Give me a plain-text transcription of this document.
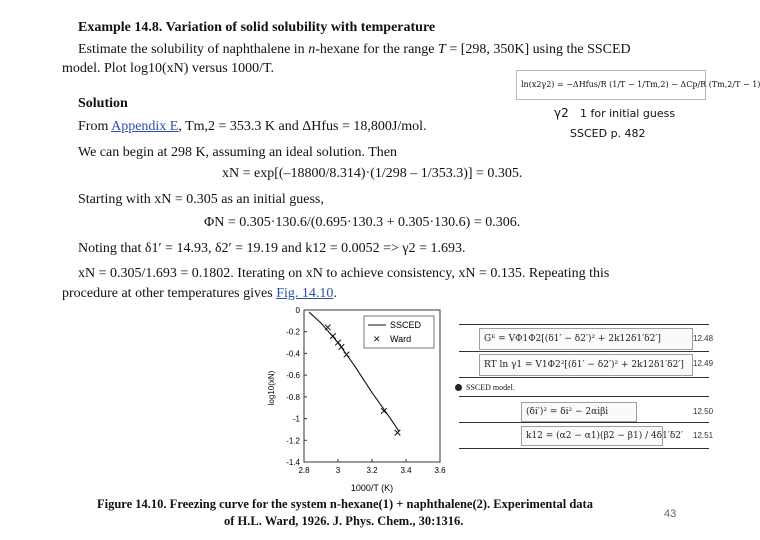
Example 14.8. Variation of solid solubility with temperature
Estimate the solubility of naphthalene in n-hexane for the range T = [298, 350K] using the SSCED
model. Plot log10(xN) versus 1000/T.
Solution
From Appendix E, Tm,2 = 353.3 K and ΔHfus = 18,800J/mol.
We can begin at 298 K, assuming an ideal solution. Then
xN = exp[(–18800/8.314)·(1/298 – 1/353.3)] = 0.305.
Starting with xN = 0.305 as an initial guess,
ΦN = 0.305·130.6/(0.695·130.3 + 0.305·130.6) = 0.306.
Noting that δ1′ = 14.93, δ2′ = 19.19 and k12 = 0.0052 => γ2 = 1.693.
xN = 0.305/1.693 = 0.1802. Iterating on xN to achieve consistency, xN = 0.135. Repeating this
procedure at other temperatures gives Fig. 14.10.
ln(x2γ2) = −ΔHfus/R (1/T − 1/Tm,2) − ΔCp/R (Tm,2/T − 1)
γ2 1 for initial guess
SSCED p. 482
2.8	3	3.2	3.4	3.6
0
-0.2
-0.4
-0.6
-0.8
-1
-1.2
-1.4
SSCED
✕ Ward
1000/T (K)
log10(xN)
Figure 14.10. Freezing curve for the system n-hexane(1) + naphthalene(2). Experimental data
of H.L. Ward, 1926. J. Phys. Chem., 30:1316.
Gᴱ = VΦ1Φ2[(δ1′ − δ2′)² + 2k12δ1′δ2′]	12.48
RT ln γ1 = V1Φ2²[(δ1′ − δ2′)² + 2k12δ1′δ2′]	12.49
SSCED model.
(δi′)² = δi² − 2αiβi	12.50
k12 = (α2 − α1)(β2 − β1) / 4δ1′δ2′ 12.51
43
